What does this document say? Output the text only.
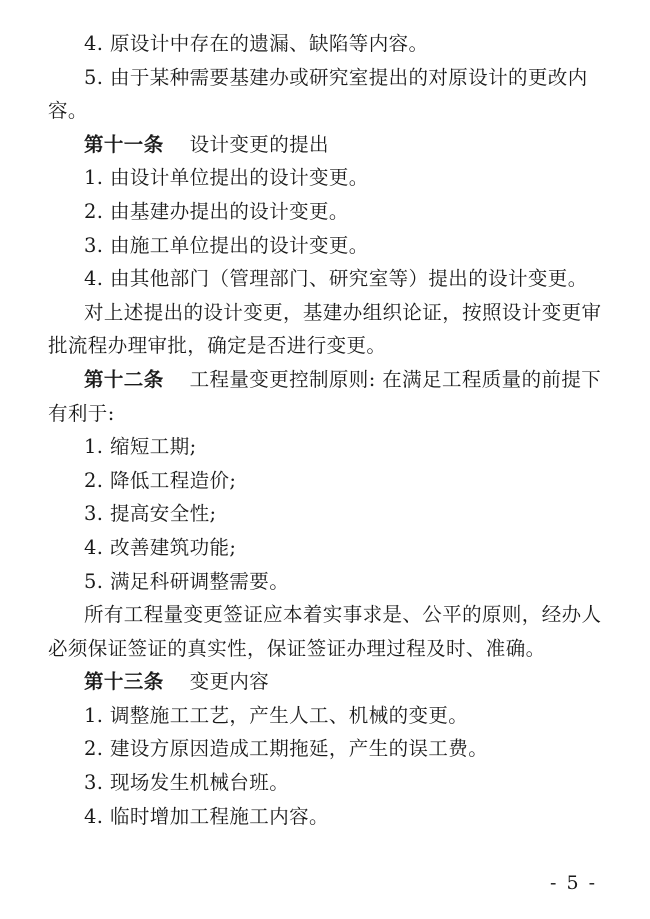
4. 原设计中存在的遗漏、缺陷等内容。
5. 由于某种需要基建办或研究室提出的对原设计的更改内
容。
第十一条 设计变更的提出
1. 由设计单位提出的设计变更。
2. 由基建办提出的设计变更。
3. 由施工单位提出的设计变更。
4. 由其他部门（管理部门、研究室等）提出的设计变更。
对上述提出的设计变更，基建办组织论证，按照设计变更审
批流程办理审批，确定是否进行变更。
第十二条 工程量变更控制原则: 在满足工程质量的前提下
有利于:
1. 缩短工期;
2. 降低工程造价;
3. 提高安全性;
4. 改善建筑功能;
5. 满足科研调整需要。
所有工程量变更签证应本着实事求是、公平的原则，经办人
必须保证签证的真实性，保证签证办理过程及时、准确。
第十三条 变更内容
1. 调整施工工艺，产生人工、机械的变更。
2. 建设方原因造成工期拖延，产生的误工费。
3. 现场发生机械台班。
4. 临时增加工程施工内容。
- 5 -
